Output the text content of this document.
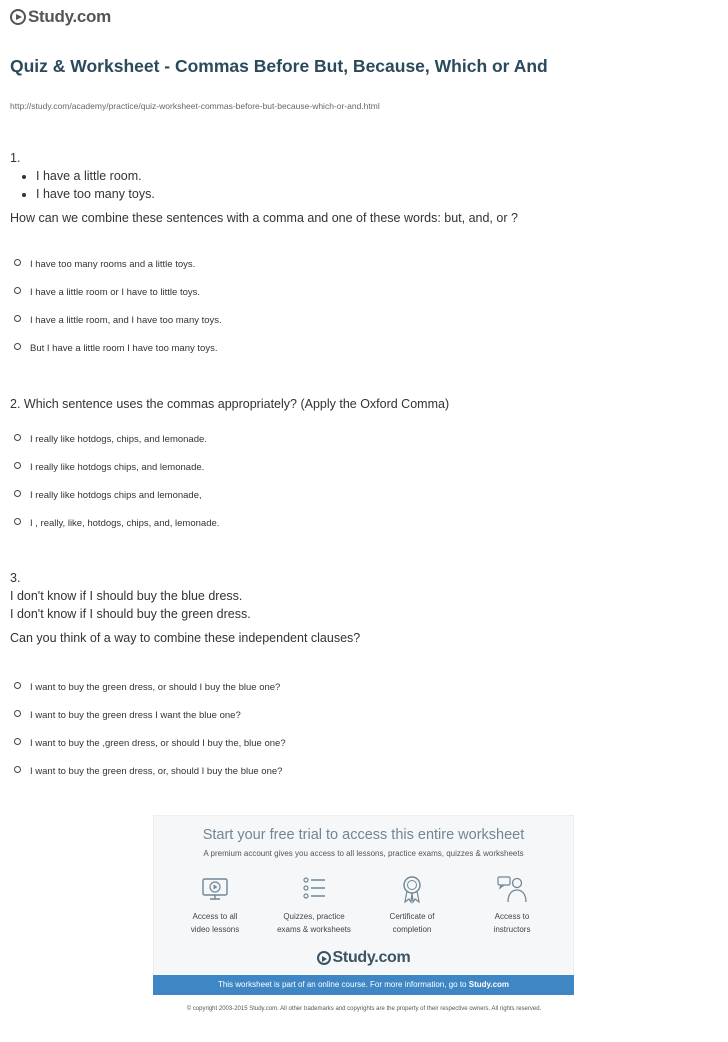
Study.com
Quiz & Worksheet - Commas Before But, Because, Which or And
http://study.com/academy/practice/quiz-worksheet-commas-before-but-because-which-or-and.html
1.
• I have a little room.
• I have too many toys.
How can we combine these sentences with a comma and one of these words: but, and, or ?
I have too many rooms and a little toys.
I have a little room or I have to little toys.
I have a little room, and I have too many toys.
But I have a little room I have too many toys.
2. Which sentence uses the commas appropriately? (Apply the Oxford Comma)
I really like hotdogs, chips, and lemonade.
I really like hotdogs chips, and lemonade.
I really like hotdogs chips and lemonade,
I , really, like, hotdogs, chips, and, lemonade.
3.
I don't know if I should buy the blue dress.
I don't know if I should buy the green dress.
Can you think of a way to combine these independent clauses?
I want to buy the green dress, or should I buy the blue one?
I want to buy the green dress I want the blue one?
I want to buy the ,green dress, or should I buy the, blue one?
I want to buy the green dress, or, should I buy the blue one?
Start your free trial to access this entire worksheet
A premium account gives you access to all lessons, practice exams, quizzes & worksheets
Access to all
video lessons
Quizzes, practice
exams & worksheets
Certificate of
completion
Access to
instructors
Study.com
This worksheet is part of an online course. For more information, go to Study.com
© copyright 2003-2015 Study.com. All other trademarks and copyrights are the property of their respective owners. All rights reserved.
